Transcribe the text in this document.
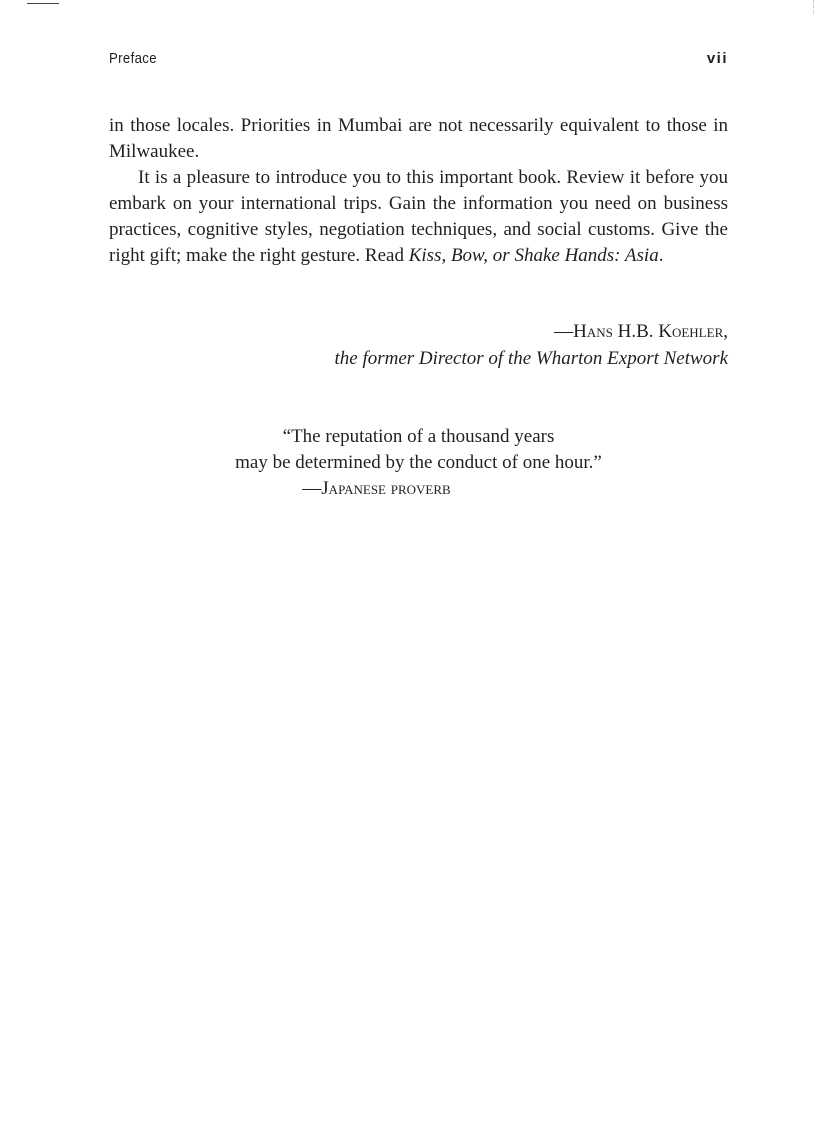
Preface	vii

in those locales. Priorities in Mumbai are not necessarily equivalent to those in Milwaukee.

It is a pleasure to introduce you to this important book. Review it before you embark on your international trips. Gain the information you need on business practices, cognitive styles, negotiation techniques, and social customs. Give the right gift; make the right gesture. Read Kiss, Bow, or Shake Hands: Asia.

—Hans H.B. Koehler,
the former Director of the Wharton Export Network
“The reputation of a thousand years
may be determined by the conduct of one hour.”
—Japanese proverb
